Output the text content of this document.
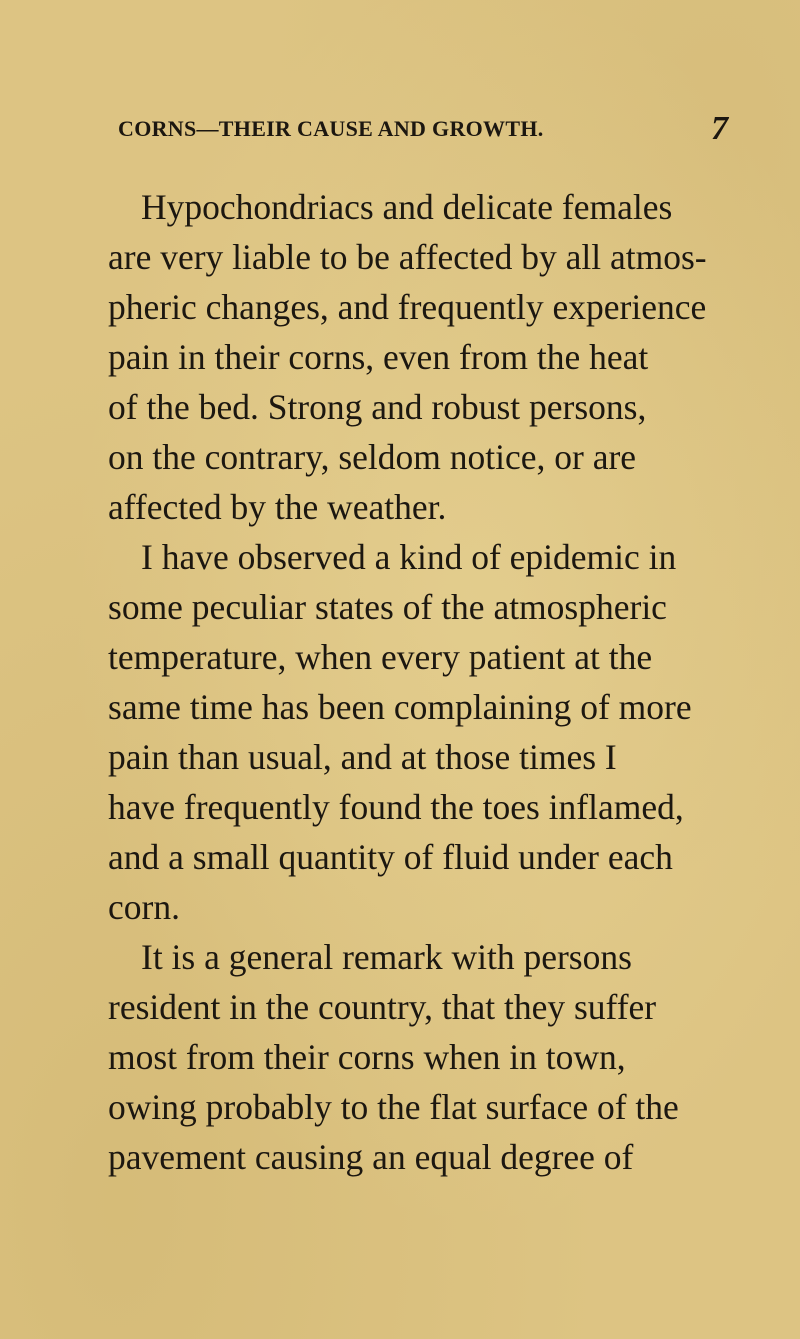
CORNS—THEIR CAUSE AND GROWTH.	7
Hypochondriacs and delicate females
are very liable to be affected by all atmos-
pheric changes, and frequently experience
pain in their corns, even from the heat
of the bed. Strong and robust persons,
on the contrary, seldom notice, or are
affected by the weather.
I have observed a kind of epidemic in
some peculiar states of the atmospheric
temperature, when every patient at the
same time has been complaining of more
pain than usual, and at those times I
have frequently found the toes inflamed,
and a small quantity of fluid under each
corn.
It is a general remark with persons
resident in the country, that they suffer
most from their corns when in town,
owing probably to the flat surface of the
pavement causing an equal degree of
